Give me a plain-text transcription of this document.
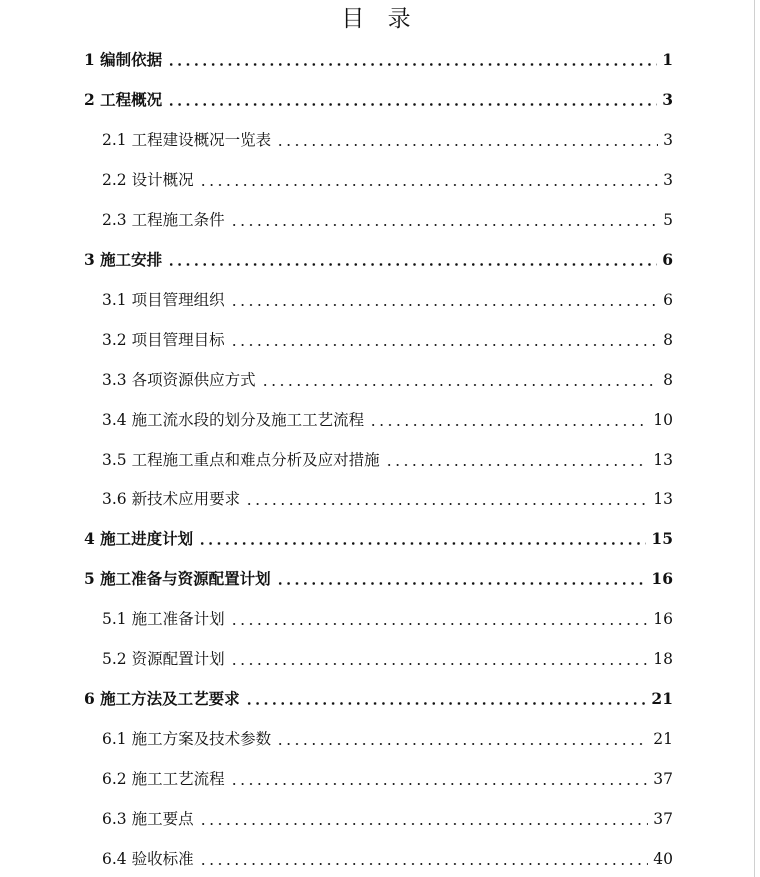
目 录
1 编制依据	1
2 工程概况	3
2.1 工程建设概况一览表	3
2.2 设计概况	3
2.3 工程施工条件	5
3 施工安排	6
3.1 项目管理组织	6
3.2 项目管理目标	8
3.3 各项资源供应方式	8
3.4 施工流水段的划分及施工工艺流程	10
3.5 工程施工重点和难点分析及应对措施	13
3.6 新技术应用要求	13
4 施工进度计划	15
5 施工准备与资源配置计划	16
5.1 施工准备计划	16
5.2 资源配置计划	18
6 施工方法及工艺要求	21
6.1 施工方案及技术参数	21
6.2 施工工艺流程	37
6.3 施工要点	37
6.4 验收标准	40
